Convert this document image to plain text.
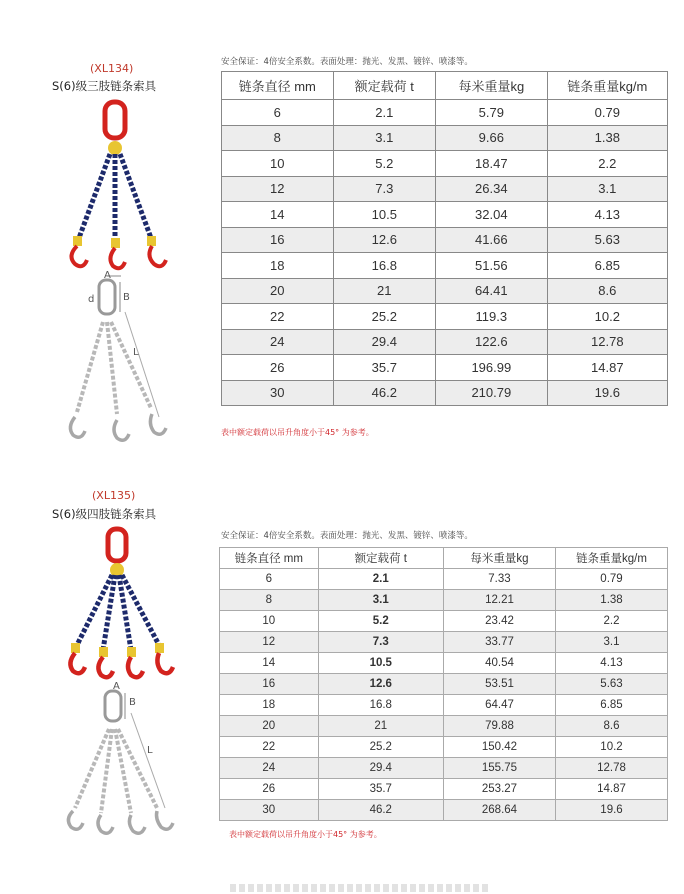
(XL134)
S(6)级三肢链条索具
A
d	B
L
安全保证：4倍安全系数。表面处理：抛光、发黑、镀锌、喷漆等。
链条直径 mm	额定载荷 t	每米重量kg	链条重量kg/m
6	2.1	5.79	0.79
8	3.1	9.66	1.38
10	5.2	18.47	2.2
12	7.3	26.34	3.1
14	10.5	32.04	4.13
16	12.6	41.66	5.63
18	16.8	51.56	6.85
20	21	64.41	8.6
22	25.2	119.3	10.2
24	29.4	122.6	12.78
26	35.7	196.99	14.87
30	46.2	210.79	19.6
表中额定载荷以吊升角度小于45° 为参考。
(XL135)
S(6)级四肢链条索具
A
B
L
安全保证：4倍安全系数。表面处理：抛光、发黑、镀锌、喷漆等。
链条直径 mm	额定载荷 t	每米重量kg	链条重量kg/m
6	2.1	7.33	0.79
8	3.1	12.21	1.38
10	5.2	23.42	2.2
12	7.3	33.77	3.1
14	10.5	40.54	4.13
16	12.6	53.51	5.63
18	16.8	64.47	6.85
20	21	79.88	8.6
22	25.2	150.42	10.2
24	29.4	155.75	12.78
26	35.7	253.27	14.87
30	46.2	268.64	19.6
表中额定载荷以吊升角度小于45° 为参考。
